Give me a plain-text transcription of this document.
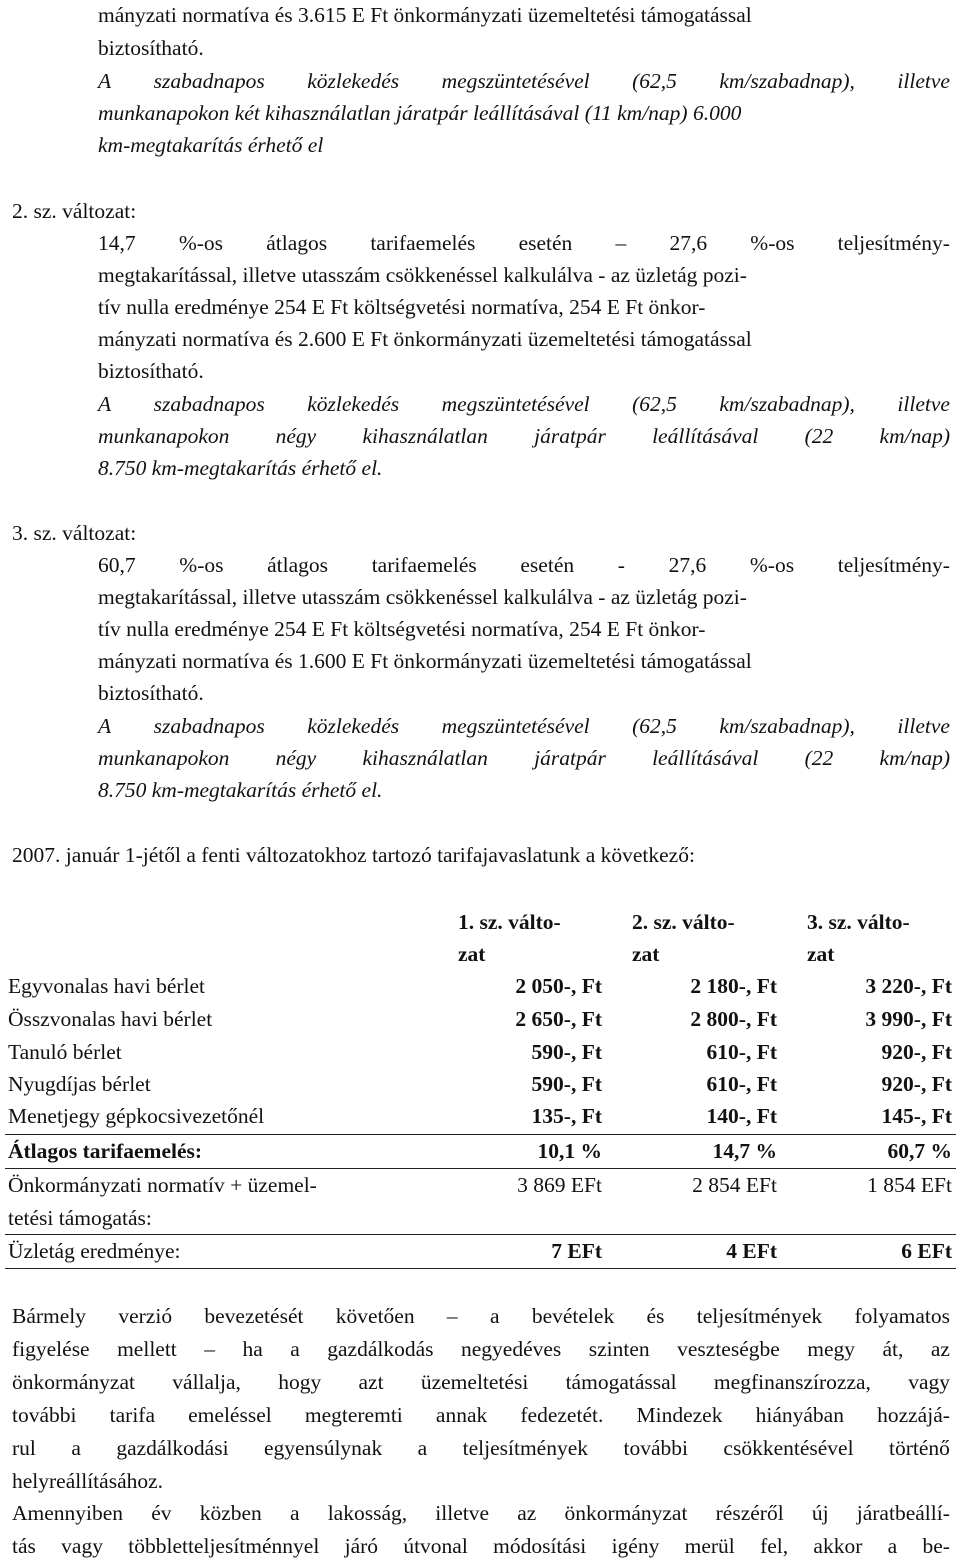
mányzati normatíva és 3.615 E Ft önkormányzati üzemeltetési támogatással
biztosítható.
A szabadnapos közlekedés megszüntetésével (62,5 km/szabadnap), illetve
munkanapokon két kihasználatlan járatpár leállításával (11 km/nap) 6.000
km-megtakarítás érhető el
2. sz. változat:
14,7 %-os átlagos tarifaemelés esetén – 27,6 %-os teljesítmény-
megtakarítással, illetve utasszám csökkenéssel kalkulálva - az üzletág pozi-
tív nulla eredménye 254 E Ft költségvetési normatíva, 254 E Ft önkor-
mányzati normatíva és 2.600 E Ft önkormányzati üzemeltetési támogatással
biztosítható.
A szabadnapos közlekedés megszüntetésével (62,5 km/szabadnap), illetve
munkanapokon négy kihasználatlan járatpár leállításával (22 km/nap)
8.750 km-megtakarítás érhető el.
3. sz. változat:
60,7 %-os átlagos tarifaemelés esetén - 27,6 %-os teljesítmény-
megtakarítással, illetve utasszám csökkenéssel kalkulálva - az üzletág pozi-
tív nulla eredménye 254 E Ft költségvetési normatíva, 254 E Ft önkor-
mányzati normatíva és 1.600 E Ft önkormányzati üzemeltetési támogatással
biztosítható.
A szabadnapos közlekedés megszüntetésével (62,5 km/szabadnap), illetve
munkanapokon négy kihasználatlan járatpár leállításával (22 km/nap)
8.750 km-megtakarítás érhető el.
2007. január 1-jétől a fenti változatokhoz tartozó tarifajavaslatunk a következő:
1. sz. válto-
zat
2. sz. válto-
zat
3. sz. válto-
zat
Egyvonalas havi bérlet	2 050-, Ft	2 180-, Ft	3 220-, Ft
Összvonalas havi bérlet	2 650-, Ft	2 800-, Ft	3 990-, Ft
Tanuló bérlet	590-, Ft	610-, Ft	920-, Ft
Nyugdíjas bérlet	590-, Ft	610-, Ft	920-, Ft
Menetjegy gépkocsivezetőnél	135-, Ft	140-, Ft	145-, Ft
Átlagos tarifaemelés:	10,1 %	14,7 %	60,7 %
Önkormányzati normatív + üzemel-	3 869 EFt	2 854 EFt	1 854 EFt
tetési támogatás:
Üzletág eredménye:	7 EFt	4 EFt	6 EFt
Bármely verzió bevezetését követően – a bevételek és teljesítmények folyamatos
figyelése mellett – ha a gazdálkodás negyedéves szinten veszteségbe megy át, az
önkormányzat vállalja, hogy azt üzemeltetési támogatással megfinanszírozza, vagy
további tarifa emeléssel megteremti annak fedezetét. Mindezek hiányában hozzájá-
rul a gazdálkodási egyensúlynak a teljesítmények további csökkentésével történő
helyreállításához.
Amennyiben év közben a lakosság, illetve az önkormányzat részéről új járatbeállí-
tás vagy többletteljesítménnyel járó útvonal módosítási igény merül fel, akkor a be-
